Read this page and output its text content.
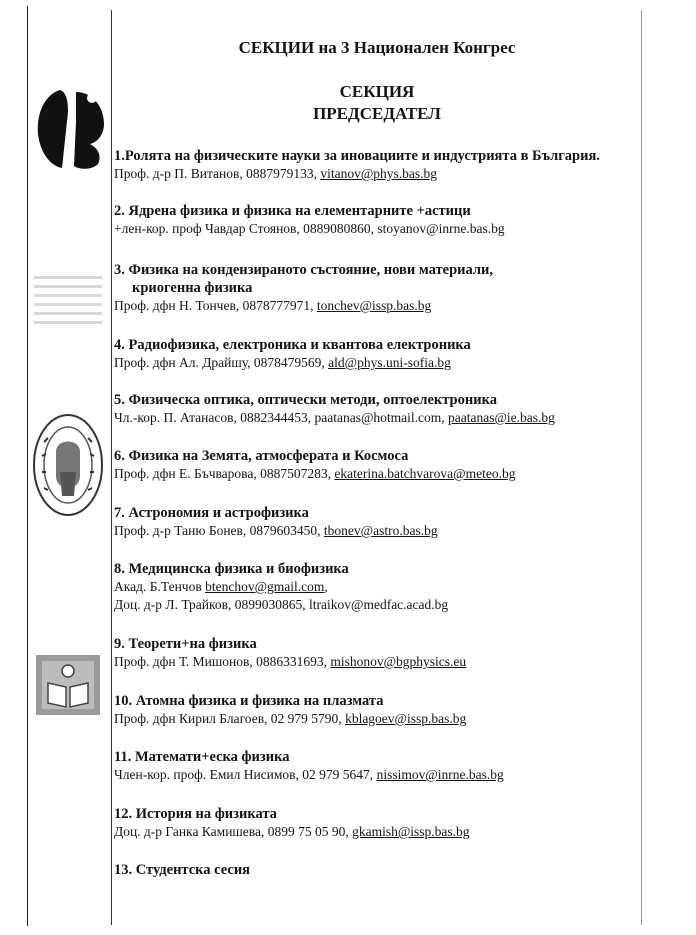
СЕКЦИИ на 3 Национален Конгрес
СЕКЦИЯ
ПРЕДСЕДАТЕЛ
1.Ролята на физическите науки за иновациите и индустрията в България.
Проф. д-р П. Витанов, 0887979133, vitanov@phys.bas.bg
2. Ядрена физика и физика на елементарните +астици
+лен-кор. проф Чавдар Стоянов, 0889080860, stoyanov@inrne.bas.bg
3. Физика на кондензираното състояние, нови материали,
криогенна физика
Проф. дфн Н. Тончев, 0878777971, tonchev@issp.bas.bg
4. Радиофизика, електроника и квантова електроника
Проф. дфн Ал. Драйшу, 0878479569, ald@phys.uni-sofia.bg
5. Физическа оптика, оптически методи, оптоелектроника
Чл.-кор. П. Атанасов, 0882344453, paatanas@hotmail.com, paatanas@ie.bas.bg
6. Физика на Земята, атмосферата и Космоса
Проф. дфн Е. Бъчварова, 0887507283, ekaterina.batchvarova@meteo.bg
7. Астрономия и астрофизика
Проф. д-р Таню Бонев, 0879603450, tbonev@astro.bas.bg
8. Медицинска физика и биофизика
Акад. Б.Тенчов btenchov@gmail.com,
Доц. д-р Л. Трайков, 0899030865, ltraikov@medfac.acad.bg
9. Теорети+на физика
Проф. дфн Т. Мишонов, 0886331693, mishonov@bgphysics.eu
10. Атомна физика и физика на плазмата
Проф. дфн Кирил Благоев, 02 979 5790, kblagoev@issp.bas.bg
11. Математи+еска физика
Член-кор. проф. Емил Нисимов, 02 979 5647, nissimov@inrne.bas.bg
12. История на физиката
Доц. д-р Ганка Камишева, 0899 75 05 90, gkamish@issp.bas.bg
13. Студентска сесия
